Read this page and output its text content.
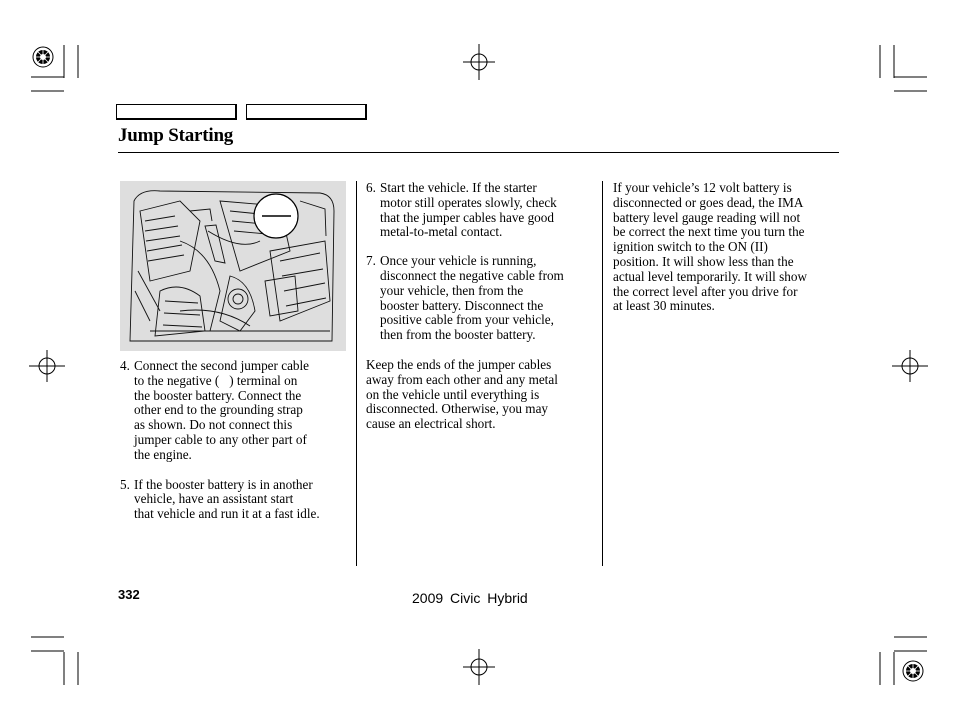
Jump Starting
4. Connect the second jumper cable
to the negative (   ) terminal on
the booster battery. Connect the
other end to the grounding strap
as shown. Do not connect this
jumper cable to any other part of
the engine.
5. If the booster battery is in another
vehicle, have an assistant start
that vehicle and run it at a fast idle.
6. Start the vehicle. If the starter
motor still operates slowly, check
that the jumper cables have good
metal-to-metal contact.
7. Once your vehicle is running,
disconnect the negative cable from
your vehicle, then from the
booster battery. Disconnect the
positive cable from your vehicle,
then from the booster battery.
Keep the ends of the jumper cables
away from each other and any metal
on the vehicle until everything is
disconnected. Otherwise, you may
cause an electrical short.
If your vehicle’s 12 volt battery is
disconnected or goes dead, the IMA
battery level gauge reading will not
be correct the next time you turn the
ignition switch to the ON (II)
position. It will show less than the
actual level temporarily. It will show
the correct level after you drive for
at least 30 minutes.
332	2009 Civic Hybrid
